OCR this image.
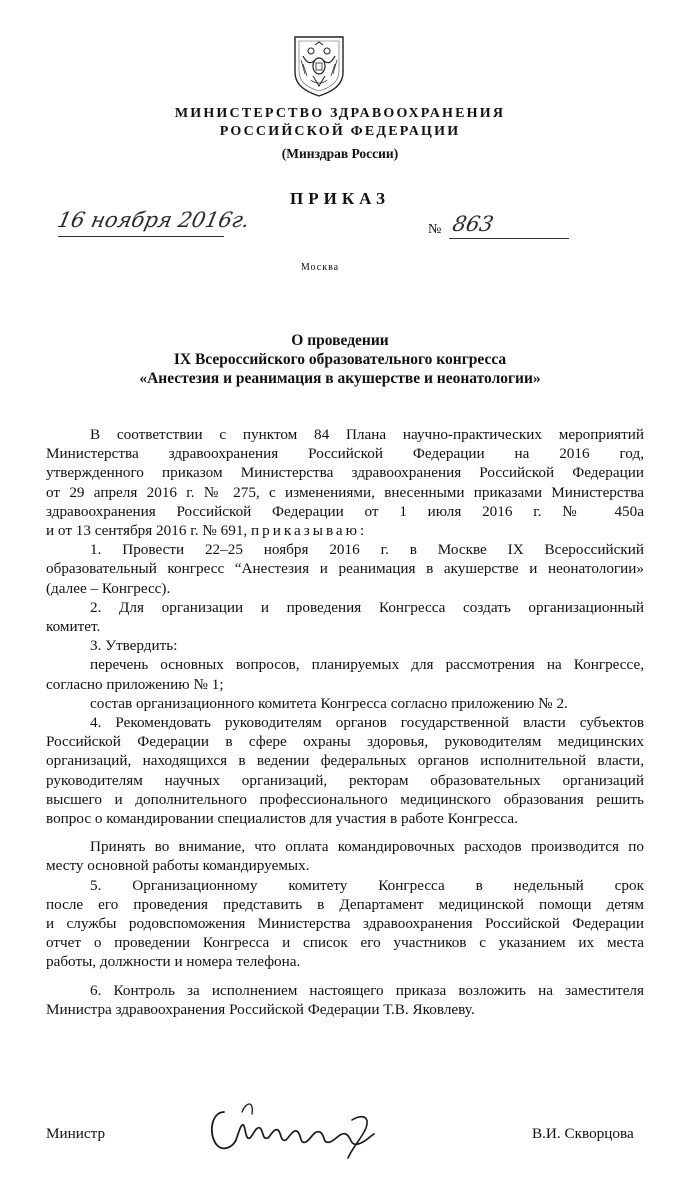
МИНИСТЕРСТВО ЗДРАВООХРАНЕНИЯ
РОССИЙСКОЙ ФЕДЕРАЦИИ
(Минздрав России)
ПРИКАЗ
16 ноября 2016г.	№ 863
Москва
О проведении
IX Всероссийского образовательного конгресса
«Анестезия и реанимация в акушерстве и неонатологии»
В соответствии с пунктом 84 Плана научно-практических мероприятий
Министерства здравоохранения Российской Федерации на 2016 год,
утвержденного приказом Министерства здравоохранения Российской Федерации
от 29 апреля 2016 г. № 275, с изменениями, внесенными приказами Министерства
здравоохранения Российской Федерации от 1 июля 2016 г. № 450а
и от 13 сентября 2016 г. № 691, приказываю:
1. Провести 22–25 ноября 2016 г. в Москве IX Всероссийский
образовательный конгресс “Анестезия и реанимация в акушерстве и неонатологии»
(далее – Конгресс).
2. Для организации и проведения Конгресса создать организационный
комитет.
3. Утвердить:
перечень основных вопросов, планируемых для рассмотрения на Конгрессе,
согласно приложению № 1;
состав организационного комитета Конгресса согласно приложению № 2.
4. Рекомендовать руководителям органов государственной власти субъектов
Российской Федерации в сфере охраны здоровья, руководителям медицинских
организаций, находящихся в ведении федеральных органов исполнительной власти,
руководителям научных организаций, ректорам образовательных организаций
высшего и дополнительного профессионального медицинского образования решить
вопрос о командировании специалистов для участия в работе Конгресса.
Принять во внимание, что оплата командировочных расходов производится по
месту основной работы командируемых.
5. Организационному комитету Конгресса в недельный срок
после его проведения представить в Департамент медицинской помощи детям
и службы родовспоможения Министерства здравоохранения Российской Федерации
отчет о проведении Конгресса и список его участников с указанием их места
работы, должности и номера телефона.
6. Контроль за исполнением настоящего приказа возложить на заместителя
Министра здравоохранения Российской Федерации Т.В. Яковлеву.
Министр	В.И. Скворцова
